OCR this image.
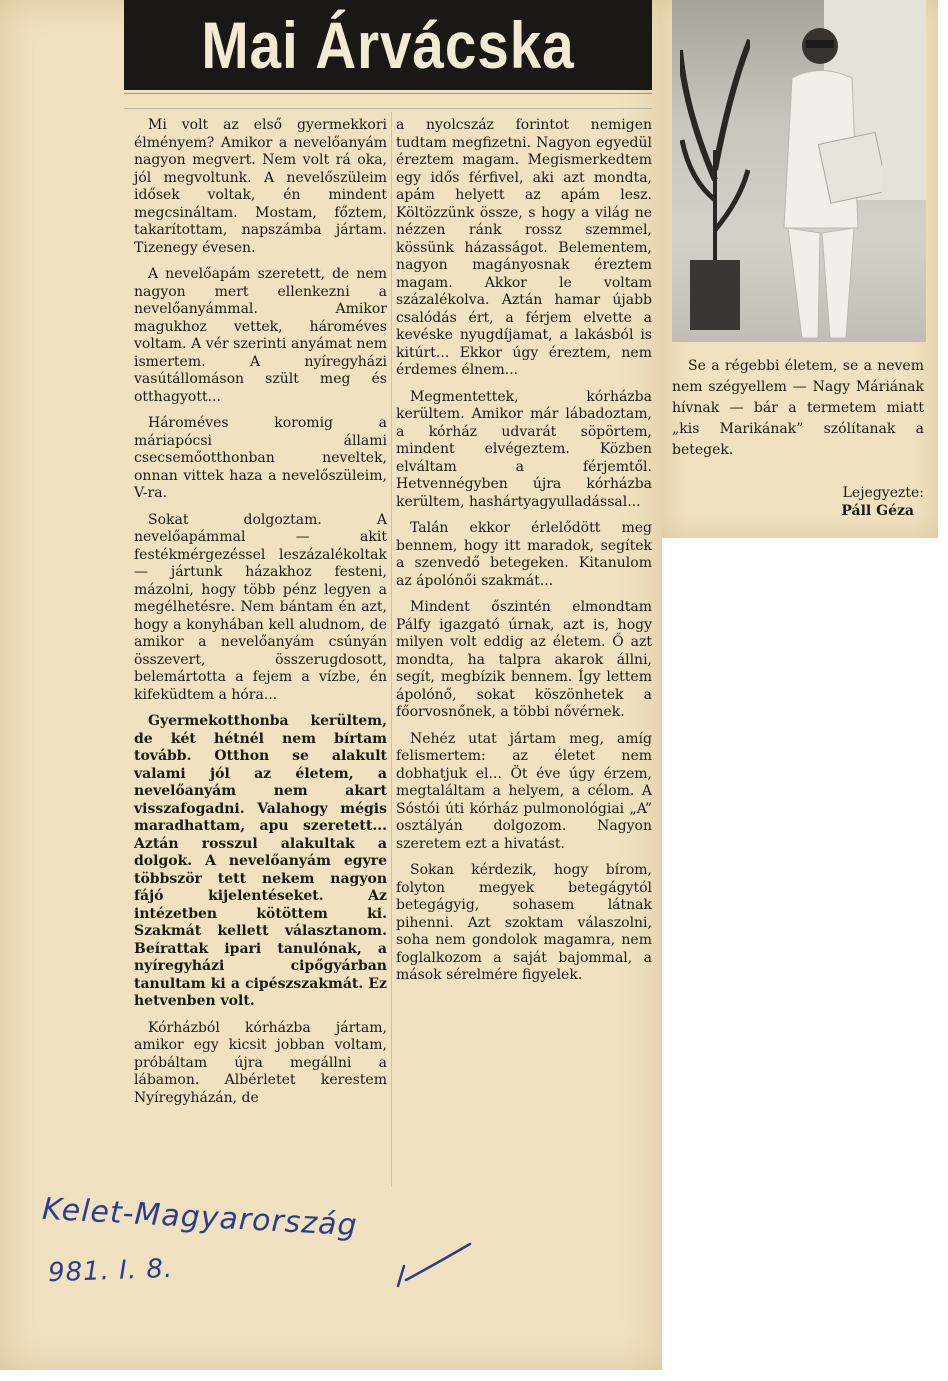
Mai Árvácska

Mi volt az első gyermekkori élményem? Amikor a nevelőanyám nagyon megvert. Nem volt rá oka, jól megvoltunk. A nevelőszüleim idősek voltak, én mindent megcsináltam. Mostam, főztem, takarítottam, napszámba jártam. Tizenegy évesen.

A nevelőapám szeretett, de nem nagyon mert ellenkezni a nevelőanyámmal. Amikor magukhoz vettek, hároméves voltam. A vér szerinti anyámat nem ismertem. A nyíregyházi vasútállomáson szült meg és otthagyott...

Hároméves koromig a máriapócsi állami csecsemőotthonban neveltek, onnan vittek haza a nevelőszüleim, V-ra.

Sokat dolgoztam. A nevelőapámmal — akit festékmérgezéssel leszázalékoltak — jártunk házakhoz festeni, mázolni, hogy több pénz legyen a megélhetésre. Nem bántam én azt, hogy a konyhában kell aludnom, de amikor a nevelőanyám csúnyán összevert, összerugdosott, belemártotta a fejem a vízbe, én kifeküdtem a hóra...

Gyermekotthonba kerültem, de két hétnél nem bírtam tovább. Otthon se alakult valami jól az életem, a nevelőanyám nem akart visszafogadni. Valahogy mégis maradhattam, apu szeretett... Aztán rosszul alakultak a dolgok. A nevelőanyám egyre többször tett nekem nagyon fájó kijelentéseket. Az intézetben kötöttem ki. Szakmát kellett választanom. Beírattak ipari tanulónak, a nyíregyházi cipőgyárban tanultam ki a cipészszakmát. Ez hetvenben volt.

Kórházból kórházba jártam, amikor egy kicsit jobban voltam, próbáltam újra megállni a lábamon. Albérletet kerestem Nyíregyházán, de

a nyolcszáz forintot nemigen tudtam megfizetni. Nagyon egyedül éreztem magam. Megismerkedtem egy idős férfivel, aki azt mondta, apám helyett az apám lesz. Költözzünk össze, s hogy a világ ne nézzen ránk rossz szemmel, kössünk házasságot. Belementem, nagyon magányosnak éreztem magam. Akkor le voltam százalékolva. Aztán hamar újabb csalódás ért, a férjem elvette a kevéske nyugdíjamat, a lakásból is kitúrt... Ekkor úgy éreztem, nem érdemes élnem...

Megmentettek, kórházba kerültem. Amikor már lábadoztam, a kórház udvarát söpörtem, mindent elvégeztem. Közben elváltam a férjemtől. Hetvennégyben újra kórházba kerültem, hashártyagyulladással...

Talán ekkor érlelődött meg bennem, hogy itt maradok, segítek a szenvedő betegeken. Kitanulom az ápolónői szakmát...

Mindent őszintén elmondtam Pálfy igazgató úrnak, azt is, hogy milyen volt eddig az életem. Ő azt mondta, ha talpra akarok állni, segít, megbízik bennem. Így lettem ápolónő, sokat köszönhetek a főorvosnőnek, a többi nővérnek.

Nehéz utat jártam meg, amíg felismertem: az életet nem dobhatjuk el... Öt éve úgy érzem, megtaláltam a helyem, a célom. A Sóstói úti kórház pulmonológiai „A” osztályán dolgozom. Nagyon szeretem ezt a hivatást.

Sokan kérdezik, hogy bírom, folyton megyek betegágytól betegágyig, sohasem látnak pihenni. Azt szoktam válaszolni, soha nem gondolok magamra, nem foglalkozom a saját bajommal, a mások sérelmére figyelek.

Se a régebbi életem, se a nevem nem szégyellem — Nagy Máriának hívnak — bár a termetem miatt „kis Marikának” szólítanak a betegek.

Lejegyezte:
Páll Géza
Kelet-Magyarország
981. I. 8.
